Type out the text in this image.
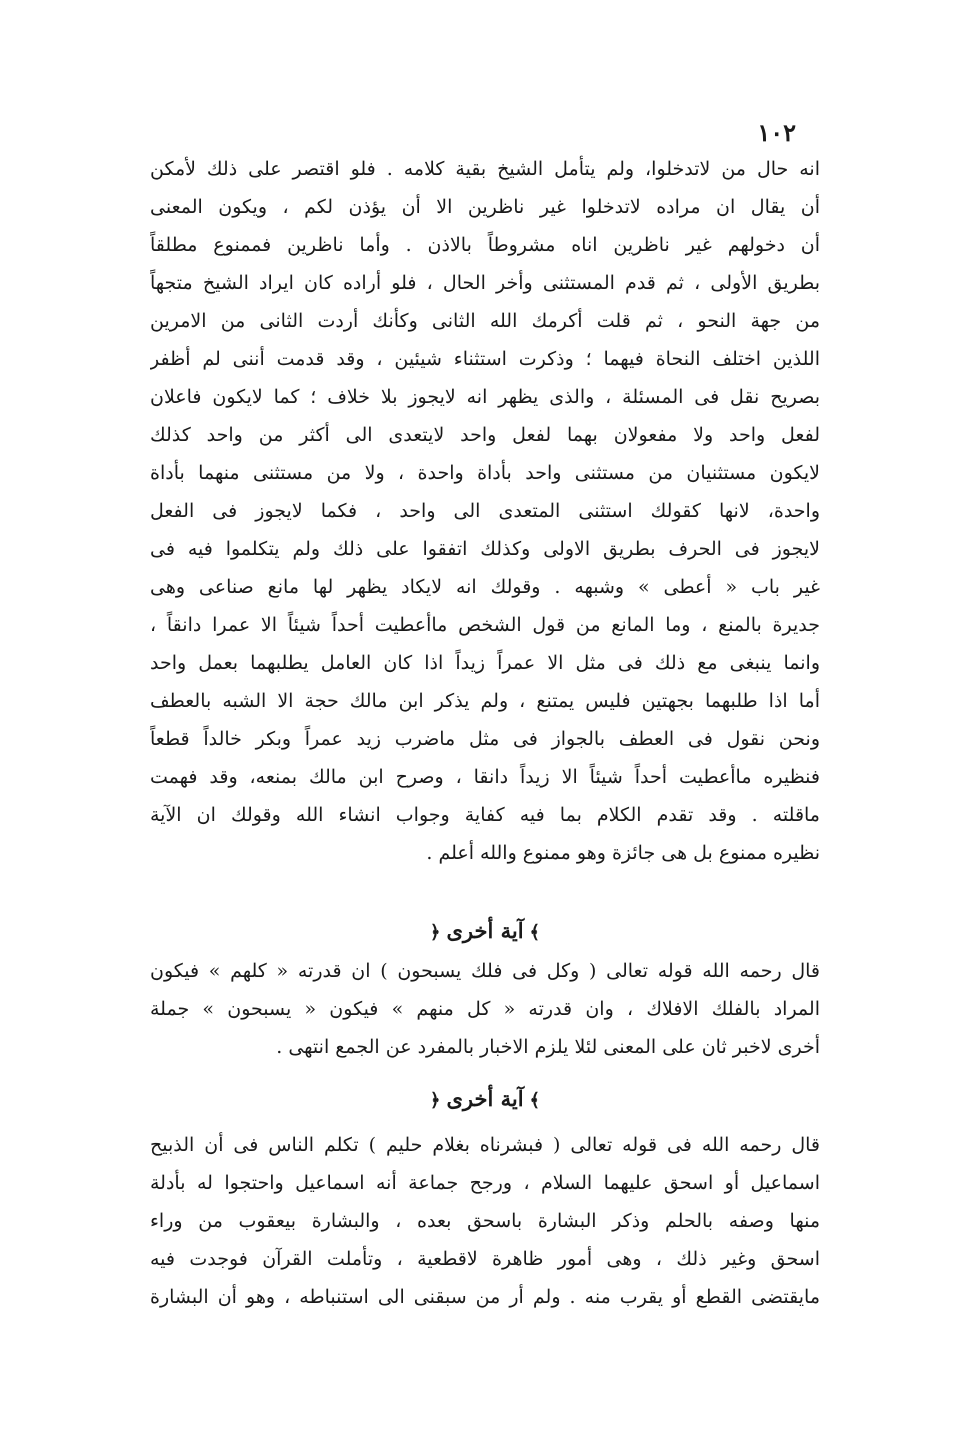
١٠٢
انه حال من لاتدخلوا، ولم يتأمل الشيخ بقية كلامه . فلو اقتصر على ذلك لأمكن
أن يقال ان مراده لاتدخلوا غير ناظرين الا أن يؤذن لكم ، ويكون المعنى
أن دخولهم غير ناظرين اناه مشروطاً بالاذن . وأما ناظرين فممنوع مطلقاً
بطريق الأولى ، ثم قدم المستثنى وأخر الحال ، فلو أراده كان ايراد الشيخ متجهاً
من جهة النحو ، ثم قلت أكرمك الله الثانى وكأنك أردت الثانى من الامرين
اللذين اختلف النحاة فيهما ؛ وذكرت استثناء شيئين ، وقد قدمت أننى لم أظفر
بصريح نقل فى المسئلة ، والذى يظهر انه لايجوز بلا خلاف ؛ كما لايكون فاعلان
لفعل واحد ولا مفعولان بهما لفعل واحد لايتعدى الى أكثر من واحد كذلك
لايكون مستثنيان من مستثنى واحد بأداة واحدة ، ولا من مستثنى منهما بأداة
واحدة، لانها كقولك استثنى المتعدى الى واحد ، فكما لايجوز فى الفعل
لايجوز فى الحرف بطريق الاولى وكذلك اتفقوا على ذلك ولم يتكلموا فيه فى
غير باب « أعطى » وشبهه . وقولك انه لايكاد يظهر لها مانع صناعى وهى
جديرة بالمنع ، وما المانع من قول الشخص ماأعطيت أحداً شيئاً الا عمرا دانقاً ،
وانما ينبغى مع ذلك فى مثل الا عمراً زيداً اذا كان العامل يطلبهما بعمل واحد
أما اذا طلبهما بجهتين فليس يمتنع ، ولم يذكر ابن مالك حجة الا الشبه بالعطف
ونحن نقول فى العطف بالجواز فى مثل ماضرب زيد عمراً وبكر خالداً قطعاً
فنظيره ماأعطيت أحداً شيئاً الا زيداً دانقا ، وصرح ابن مالك بمنعه، وقد فهمت
ماقلته . وقد تقدم الكلام بما فيه كفاية وجواب انشاء الله وقولك ان الآية
نظيره ممنوع بل هى جائزة وهو ممنوع والله أعلم .
﴾آية أخرى﴿
قال رحمه الله قوله تعالى ( وكل فى فلك يسبحون ) ان قدرته « كلهم » فيكون
المراد بالفلك الافلاك ، وان قدرته « كل منهم » فيكون « يسبحون » جملة
أخرى لاخبر ثان على المعنى لئلا يلزم الاخبار بالمفرد عن الجمع انتهى .
﴾آية أخرى﴿
قال رحمه الله فى قوله تعالى ( فبشرناه بغلام حليم ) تكلم الناس فى أن الذبيح
اسماعيل أو اسحق عليهما السلام ، ورجح جماعة أنه اسماعيل واحتجوا له بأدلة
منها وصفه بالحلم وذكر البشارة باسحق بعده ، والبشارة بيعقوب من وراء
اسحق وغير ذلك ، وهى أمور ظاهرة لاقطعية ، وتأملت القرآن فوجدت فيه
مايقتضى القطع أو يقرب منه . ولم أر من سبقنى الى استنباطه ، وهو أن البشارة
